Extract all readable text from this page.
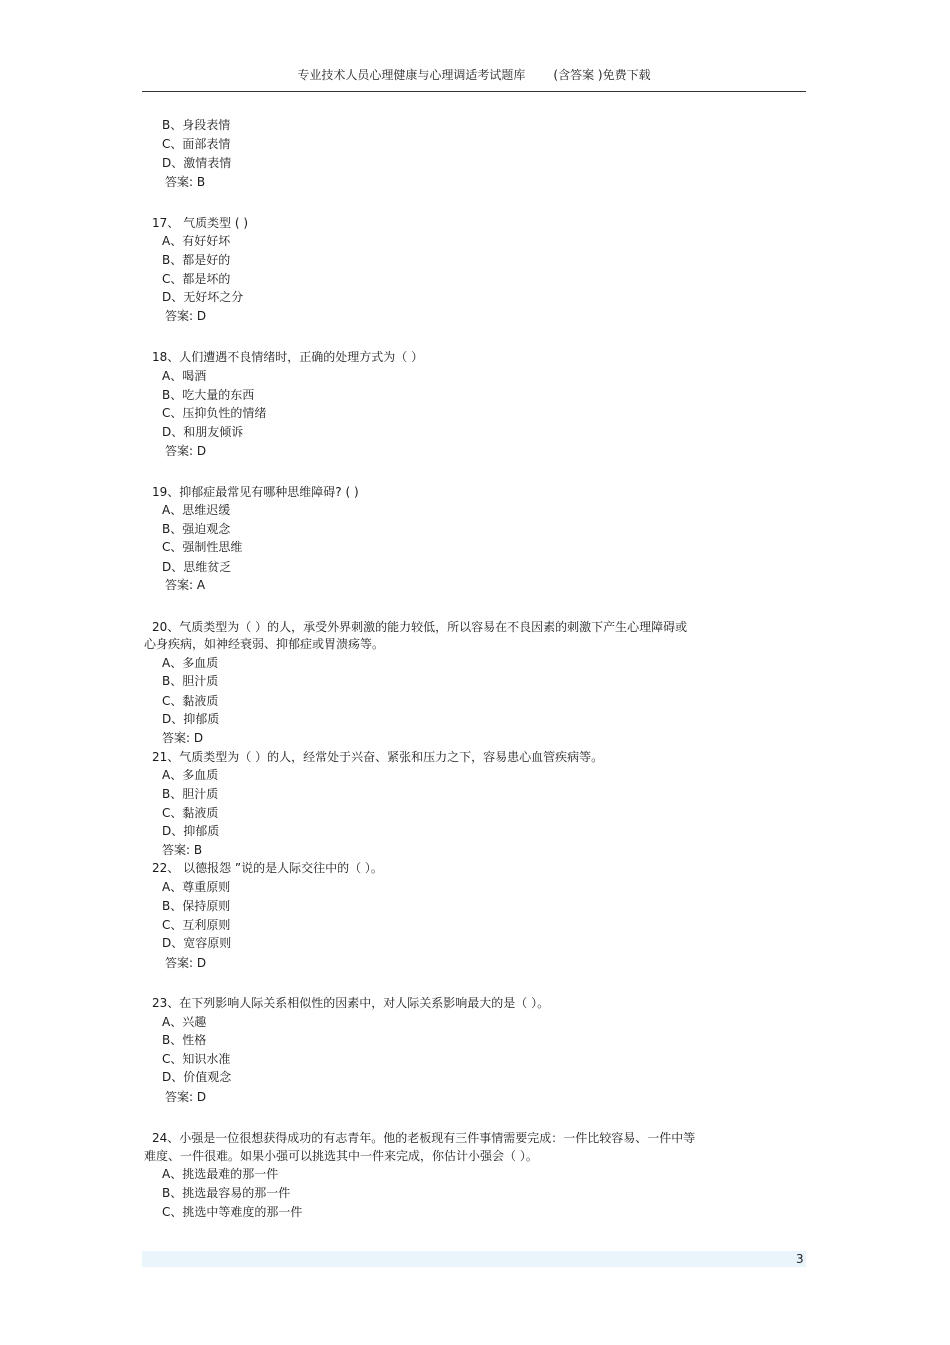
专业技术人员心理健康与心理调适考试题库 (含答案 )免费下载
B、身段表情
C、面部表情
D、激情表情
答案: B
17、 气质类型 ( )
A、有好好坏
B、都是好的
C、都是坏的
D、无好坏之分
答案: D
18、人们遭遇不良情绪时，正确的处理方式为（ ）
A、喝酒
B、吃大量的东西
C、压抑负性的情绪
D、和朋友倾诉
答案: D
19、抑郁症最常见有哪种思维障碍? ( )
A、思维迟缓
B、强迫观念
C、强制性思维
D、思维贫乏
答案: A
20、气质类型为（ ）的人，承受外界刺激的能力较低，所以容易在不良因素的刺激下产生心理障碍或
心身疾病，如神经衰弱、抑郁症或胃溃疡等。
A、多血质
B、胆汁质
C、黏液质
D、抑郁质
答案: D
21、气质类型为（ ）的人，经常处于兴奋、紧张和压力之下，容易患心血管疾病等。
A、多血质
B、胆汁质
C、黏液质
D、抑郁质
答案: B
22、 以德报怨 ”说的是人际交往中的（ ）。
A、尊重原则
B、保持原则
C、互利原则
D、宽容原则
答案: D
23、在下列影响人际关系相似性的因素中，对人际关系影响最大的是（ ）。
A、兴趣
B、性格
C、知识水准
D、价值观念
答案: D
24、小强是一位很想获得成功的有志青年。他的老板现有三件事情需要完成：一件比较容易、一件中等
难度、一件很难。如果小强可以挑选其中一件来完成，你估计小强会（ ）。
A、挑选最难的那一件
B、挑选最容易的那一件
C、挑选中等难度的那一件
3
